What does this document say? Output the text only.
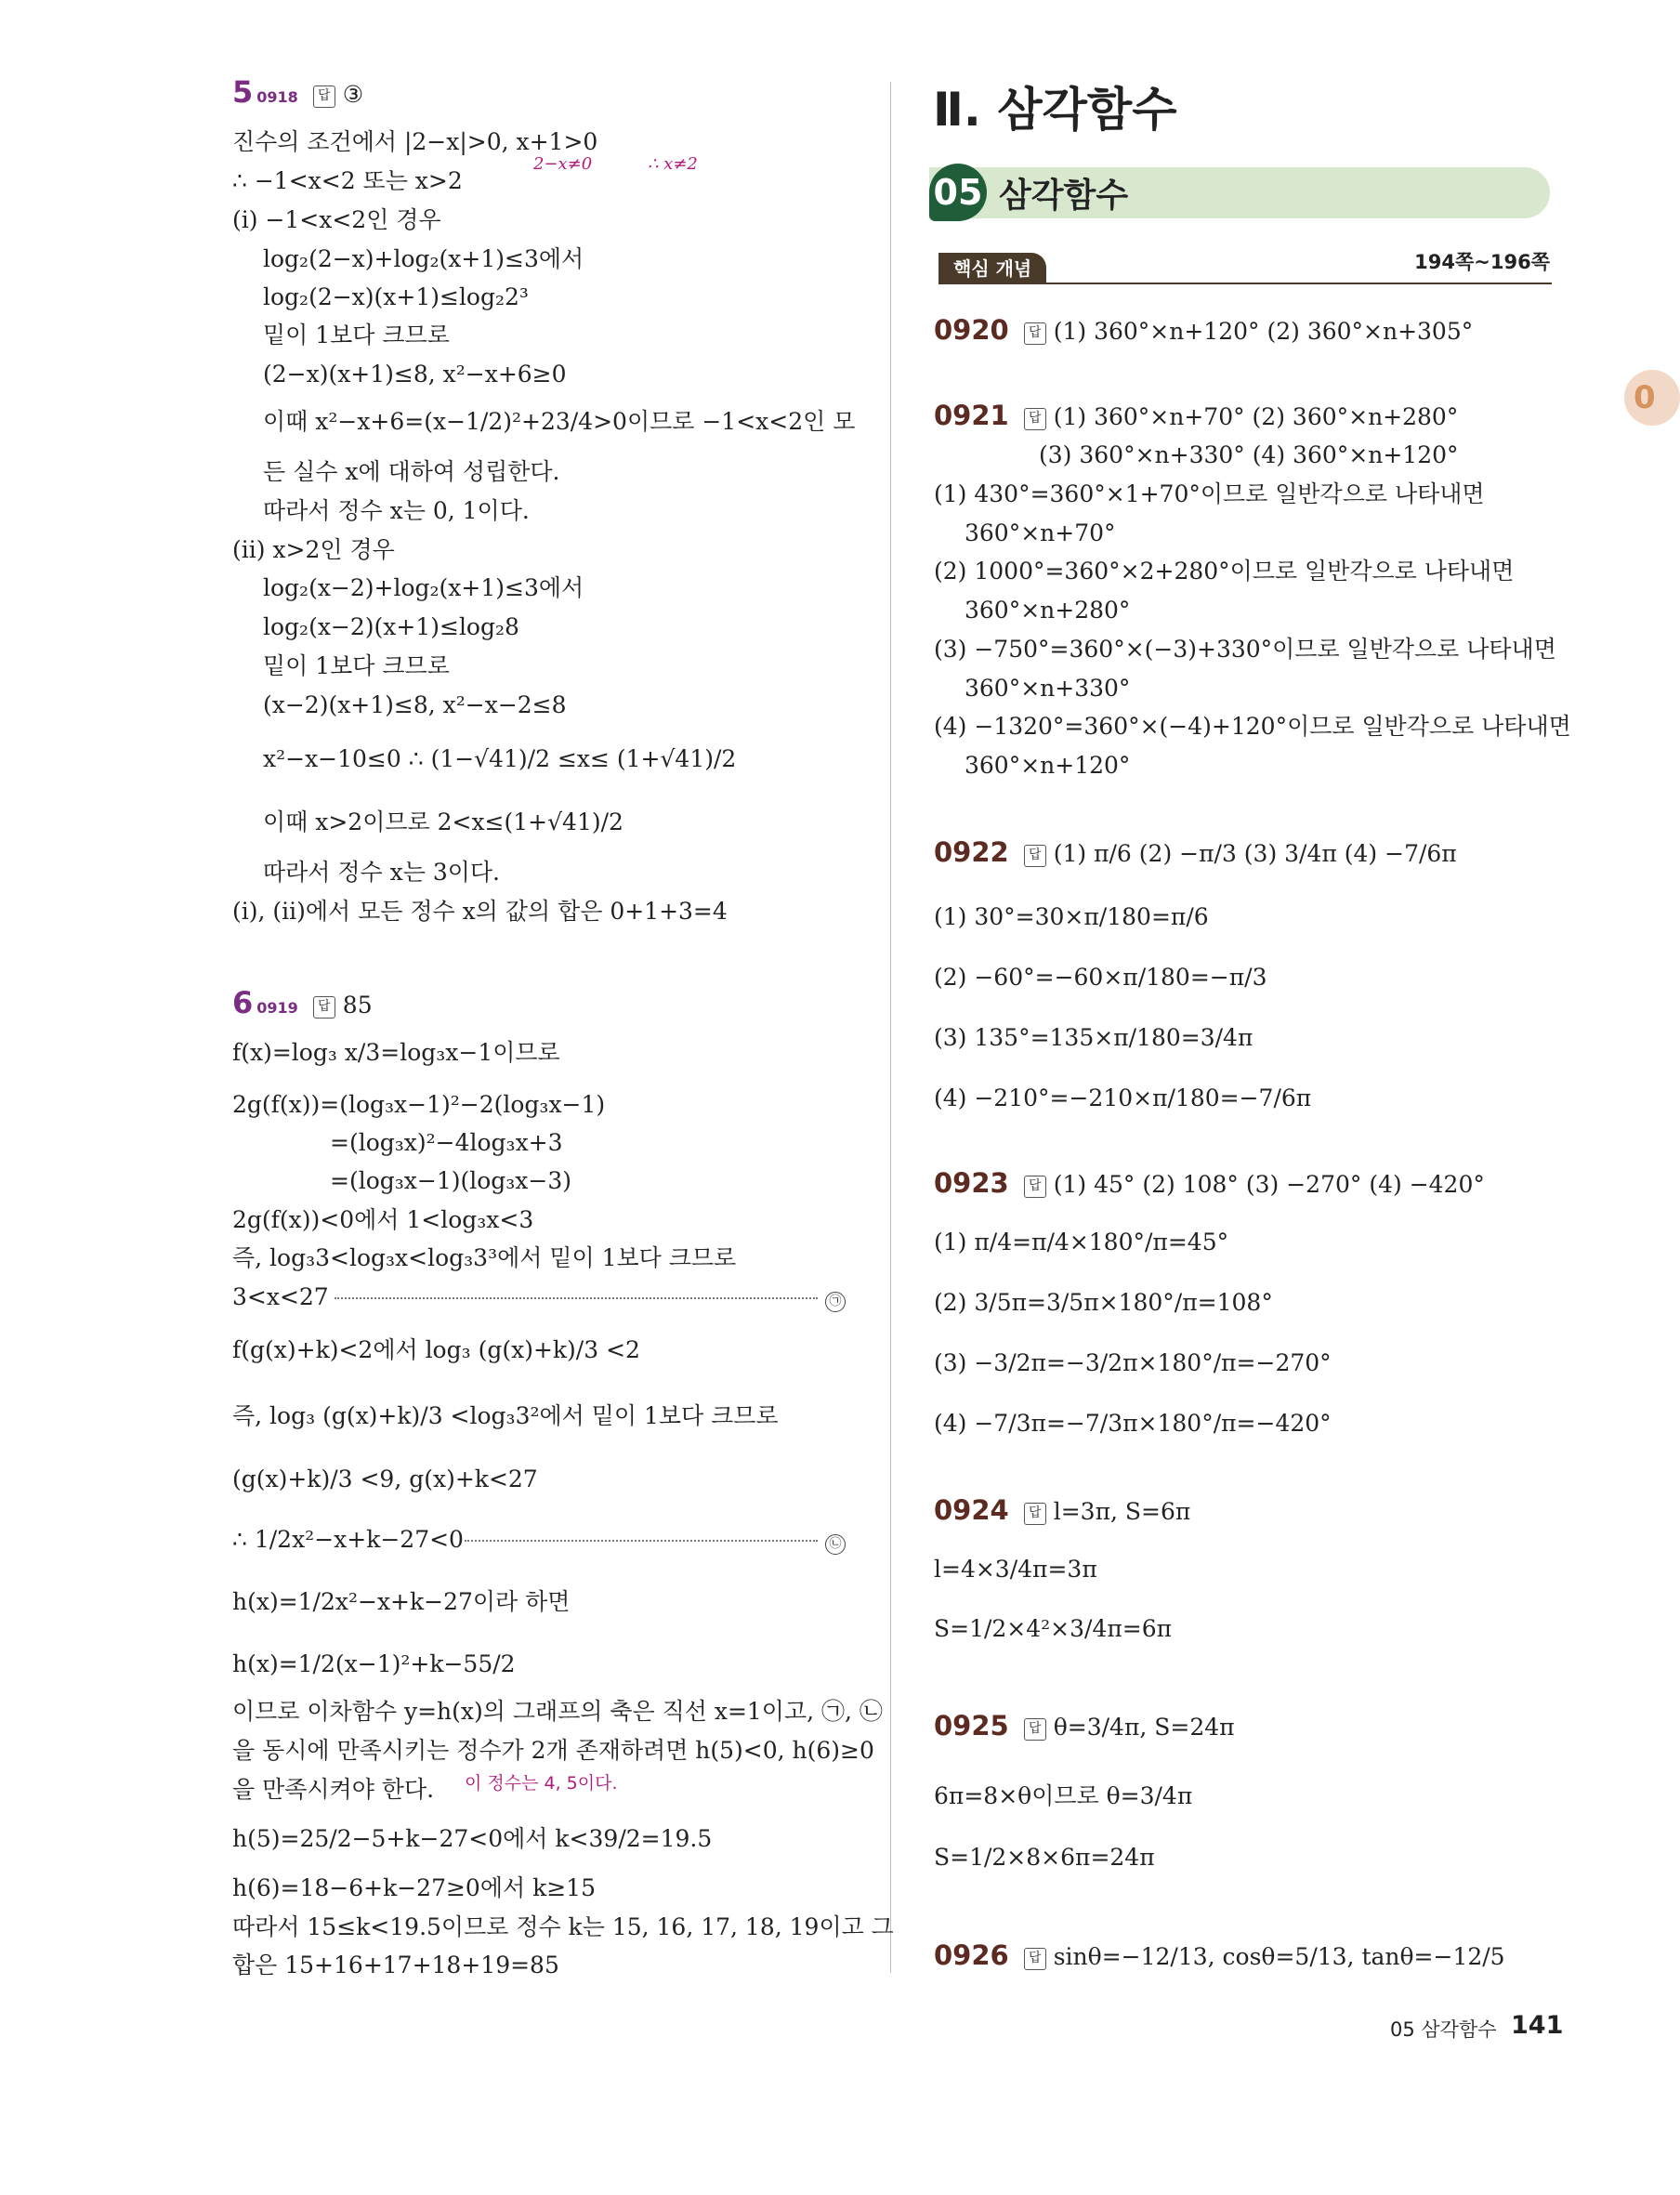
5 0918 답 ③
진수의 조건에서 |2−x|>0, x+1>0
2−x≠0	∴ x≠2
∴ −1<x<2 또는 x>2
(ⅰ) −1<x<2인 경우
log₂(2−x)+log₂(x+1)≤3에서
log₂(2−x)(x+1)≤log₂2³
밑이 1보다 크므로
(2−x)(x+1)≤8, x²−x+6≥0
이때 x²−x+6=(x−1/2)²+23/4>0이므로 −1<x<2인 모
든 실수 x에 대하여 성립한다.
따라서 정수 x는 0, 1이다.
(ⅱ) x>2인 경우
log₂(x−2)+log₂(x+1)≤3에서
log₂(x−2)(x+1)≤log₂8
밑이 1보다 크므로
(x−2)(x+1)≤8, x²−x−2≤8
x²−x−10≤0 ∴ (1−√41)/2 ≤x≤ (1+√41)/2
이때 x>2이므로 2<x≤(1+√41)/2
따라서 정수 x는 3이다.
(ⅰ), (ⅱ)에서 모든 정수 x의 값의 합은 0+1+3=4
6 0919 답 85
f(x)=log₃ x/3=log₃x−1이므로
2g(f(x))=(log₃x−1)²−2(log₃x−1)
=(log₃x)²−4log₃x+3
=(log₃x−1)(log₃x−3)
2g(f(x))<0에서 1<log₃x<3
즉, log₃3<log₃x<log₃3³에서 밑이 1보다 크므로
3<x<27	㉠
f(g(x)+k)<2에서 log₃ (g(x)+k)/3 <2
즉, log₃ (g(x)+k)/3 <log₃3²에서 밑이 1보다 크므로
(g(x)+k)/3 <9, g(x)+k<27
∴ 1/2x²−x+k−27<0	㉡
h(x)=1/2x²−x+k−27이라 하면
h(x)=1/2(x−1)²+k−55/2
이므로 이차함수 y=h(x)의 그래프의 축은 직선 x=1이고, ㉠, ㉡
을 동시에 만족시키는 정수가 2개 존재하려면 h(5)<0, h(6)≥0
을 만족시켜야 한다. 이 정수는 4, 5이다.
h(5)=25/2−5+k−27<0에서 k<39/2=19.5
h(6)=18−6+k−27≥0에서 k≥15
따라서 15≤k<19.5이므로 정수 k는 15, 16, 17, 18, 19이고 그
합은 15+16+17+18+19=85
Ⅱ. 삼각함수
05 삼각함수
핵심 개념	194쪽~196쪽
0920 답 (1) 360°×n+120° (2) 360°×n+305°
0921 답 (1) 360°×n+70° (2) 360°×n+280°
(3) 360°×n+330° (4) 360°×n+120°
(1) 430°=360°×1+70°이므로 일반각으로 나타내면
360°×n+70°
(2) 1000°=360°×2+280°이므로 일반각으로 나타내면
360°×n+280°
(3) −750°=360°×(−3)+330°이므로 일반각으로 나타내면
360°×n+330°
(4) −1320°=360°×(−4)+120°이므로 일반각으로 나타내면
360°×n+120°
0922 답 (1) π/6 (2) −π/3 (3) 3/4π (4) −7/6π
(1) 30°=30×π/180=π/6
(2) −60°=−60×π/180=−π/3
(3) 135°=135×π/180=3/4π
(4) −210°=−210×π/180=−7/6π
0923 답 (1) 45° (2) 108° (3) −270° (4) −420°
(1) π/4=π/4×180°/π=45°
(2) 3/5π=3/5π×180°/π=108°
(3) −3/2π=−3/2π×180°/π=−270°
(4) −7/3π=−7/3π×180°/π=−420°
0924 답 l=3π, S=6π
l=4×3/4π=3π
S=1/2×4²×3/4π=6π
0925 답 θ=3/4π, S=24π
6π=8×θ이므로 θ=3/4π
S=1/2×8×6π=24π
0926 답 sinθ=−12/13, cosθ=5/13, tanθ=−12/5
0
05 삼각함수 141
